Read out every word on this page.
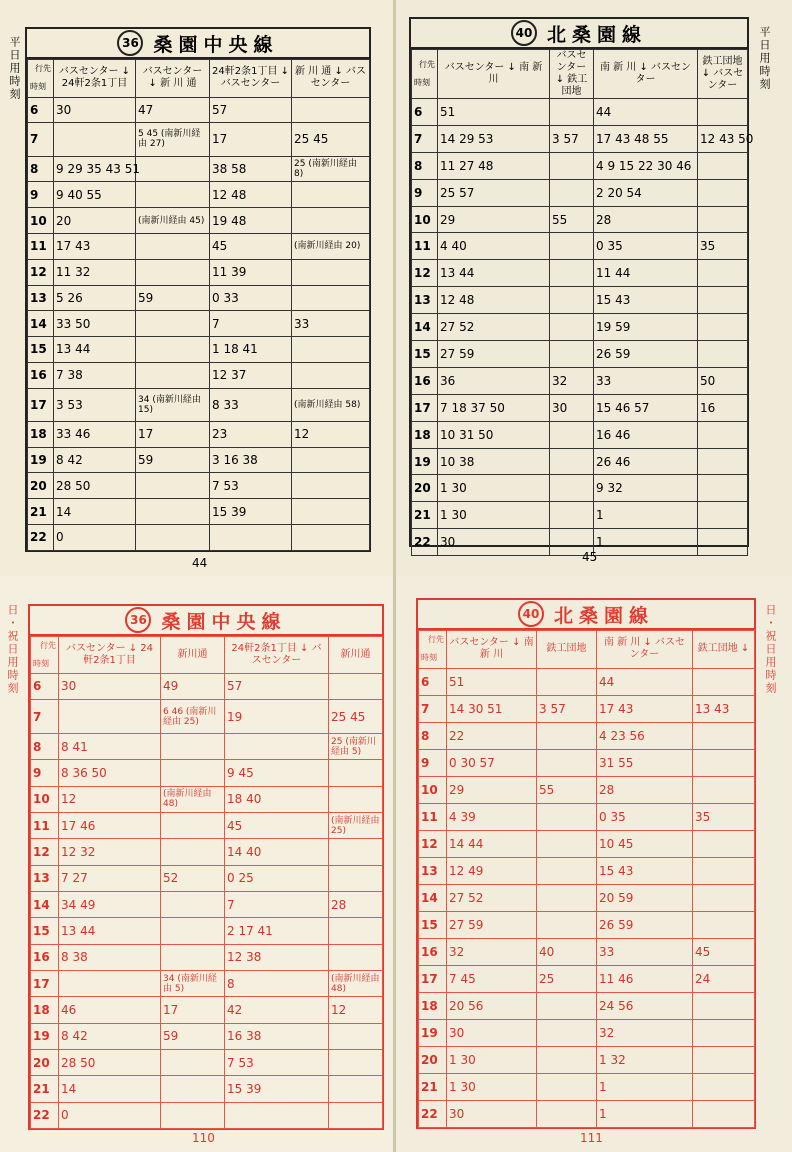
36 桑園中央線
行先
時刻	バスセンター ↓ 24軒2条1丁目	バスセンター ↓ 新 川 通	24軒2条1丁目 ↓ バスセンター	新 川 通 ↓ バスセンター
6	30	47	57	
7		5 45 (南新川経由 27)	17	25 45
8	9 29 35 43 51		38 58	25 (南新川経由 8)
9	9 40 55		12 48	
10	20	(南新川経由 45)	19 48	
11	17 43		45	(南新川経由 20)
12	11 32		11 39	
13	5 26	59	0 33	
14	33 50		7	33
15	13 44		1 18 41	
16	7 38		12 37	
17	3 53	34 (南新川経由 15)	8 33	(南新川経由 58)
18	33 46	17	23	12
19	8 42	59	3 16 38	
20	28 50		7 53	
21	14		15 39	
22	0			
平日用時刻
44
40 北桑園線
行先
時刻	バスセンター ↓ 南 新 川	バスセンター ↓ 鉄工団地	南 新 川 ↓ バスセンター	鉄工団地 ↓ バスセンター
6	51		44	
7	14 29 53	3 57	17 43 48 55	12 43 50
8	11 27 48		4 9 15 22 30 46	
9	25 57		2 20 54	
10	29	55	28	
11	4 40		0 35	35
12	13 44		11 44	
13	12 48		15 43	
14	27 52		19 59	
15	27 59		26 59	
16	36	32	33	50
17	7 18 37 50	30	15 46 57	16
18	10 31 50		16 46	
19	10 38		26 46	
20	1 30		9 32	
21	1 30		1	
22	30		1	
平日用時刻
45
36 桑園中央線
行先
時刻	バスセンター ↓ 24軒2条1丁目	新川通	24軒2条1丁目 ↓ バスセンター	新川通
6	30	49	57	
7		6 46 (南新川経由 25)	19	25 45
8	8 41			25 (南新川経由 5)
9	8 36 50		9 45	
10	12	(南新川経由 48)	18 40	
11	17 46		45	(南新川経由 25)
12	12 32		14 40	
13	7 27	52	0 25	
14	34 49		7	28
15	13 44		2 17 41	
16	8 38		12 38	
17		34 (南新川経由 5)	8	(南新川経由 48)
18	46	17	42	12
19	8 42	59	16 38	
20	28 50		7 53	
21	14		15 39	
22	0			
日・祝日用時刻
110
40 北桑園線
行先
時刻	バスセンター ↓ 南 新 川	鉄工団地	南 新 川 ↓ バスセンター	鉄工団地 ↓
6	51		44	
7	14 30 51	3 57	17 43	13 43
8	22		4 23 56	
9	0 30 57		31 55	
10	29	55	28	
11	4 39		0 35	35
12	14 44		10 45	
13	12 49		15 43	
14	27 52		20 59	
15	27 59		26 59	
16	32	40	33	45
17	7 45	25	11 46	24
18	20 56		24 56	
19	30		32	
20	1 30		1 32	
21	1 30		1	
22	30		1	
日・祝日用時刻
111
